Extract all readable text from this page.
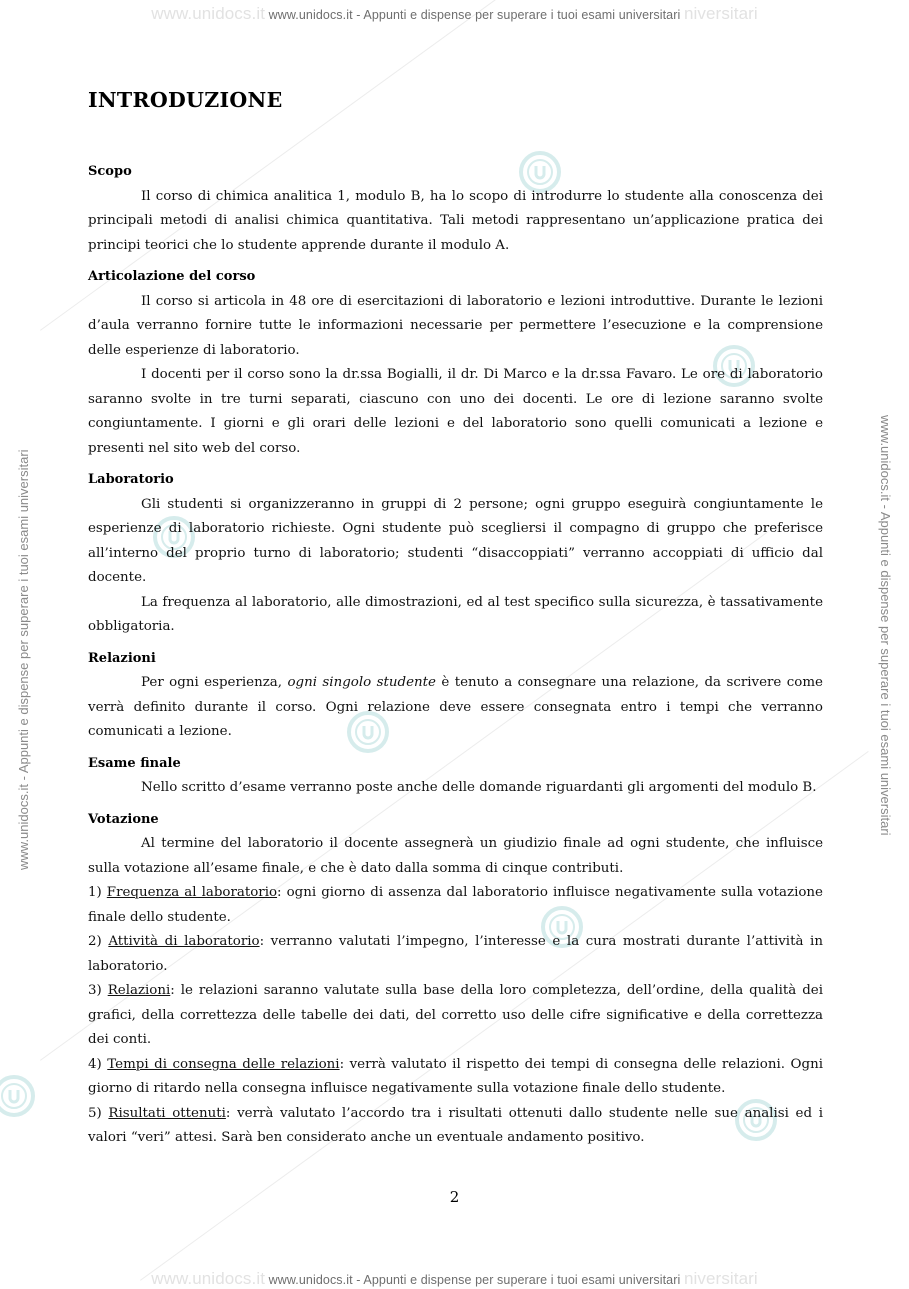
www.unidocs.it www.unidocs.it - Appunti e dispense per superare i tuoi esami universitari niversitari
www.unidocs.it www.unidocs.it - Appunti e dispense per superare i tuoi esami universitari niversitari
www.unidocs.it - Appunti e dispense per superare i tuoi esami universitari	www.unidocs.it - Appunti e dispense per superare i tuoi esami universitari
INTRODUZIONE
Scopo

Il corso di chimica analitica 1, modulo B, ha lo scopo di introdurre lo studente alla conoscenza dei principali metodi di analisi chimica quantitativa. Tali metodi rappresentano un’applicazione pratica dei principi teorici che lo studente apprende durante il modulo A.

Articolazione del corso

Il corso si articola in 48 ore di esercitazioni di laboratorio e lezioni introduttive. Durante le lezioni d’aula verranno fornire tutte le informazioni necessarie per permettere l’esecuzione e la comprensione delle esperienze di laboratorio.

I docenti per il corso sono la dr.ssa Bogialli, il dr. Di Marco e la dr.ssa Favaro. Le ore di laboratorio saranno svolte in tre turni separati, ciascuno con uno dei docenti. Le ore di lezione saranno svolte congiuntamente. I giorni e gli orari delle lezioni e del laboratorio sono quelli comunicati a lezione e presenti nel sito web del corso.

Laboratorio

Gli studenti si organizzeranno in gruppi di 2 persone; ogni gruppo eseguirà congiuntamente le esperienze di laboratorio richieste. Ogni studente può scegliersi il compagno di gruppo che preferisce all’interno del proprio turno di laboratorio; studenti “disaccoppiati” verranno accoppiati di ufficio dal docente.

La frequenza al laboratorio, alle dimostrazioni, ed al test specifico sulla sicurezza, è tassativamente obbligatoria.

Relazioni

Per ogni esperienza, ogni singolo studente è tenuto a consegnare una relazione, da scrivere come verrà definito durante il corso. Ogni relazione deve essere consegnata entro i tempi che verranno comunicati a lezione.

Esame finale

Nello scritto d’esame verranno poste anche delle domande riguardanti gli argomenti del modulo B.

Votazione

Al termine del laboratorio il docente assegnerà un giudizio finale ad ogni studente, che influisce sulla votazione all’esame finale, e che è dato dalla somma di cinque contributi.

1) Frequenza al laboratorio: ogni giorno di assenza dal laboratorio influisce negativamente sulla votazione finale dello studente.

2) Attività di laboratorio: verranno valutati l’impegno, l’interesse e la cura mostrati durante l’attività in laboratorio.

3) Relazioni: le relazioni saranno valutate sulla base della loro completezza, dell’ordine, della qualità dei grafici, della correttezza delle tabelle dei dati, del corretto uso delle cifre significative e della correttezza dei conti.

4) Tempi di consegna delle relazioni: verrà valutato il rispetto dei tempi di consegna delle relazioni. Ogni giorno di ritardo nella consegna influisce negativamente sulla votazione finale dello studente.

5) Risultati ottenuti: verrà valutato l’accordo tra i risultati ottenuti dallo studente nelle sue analisi ed i valori “veri” attesi. Sarà ben considerato anche un eventuale andamento positivo.

2
